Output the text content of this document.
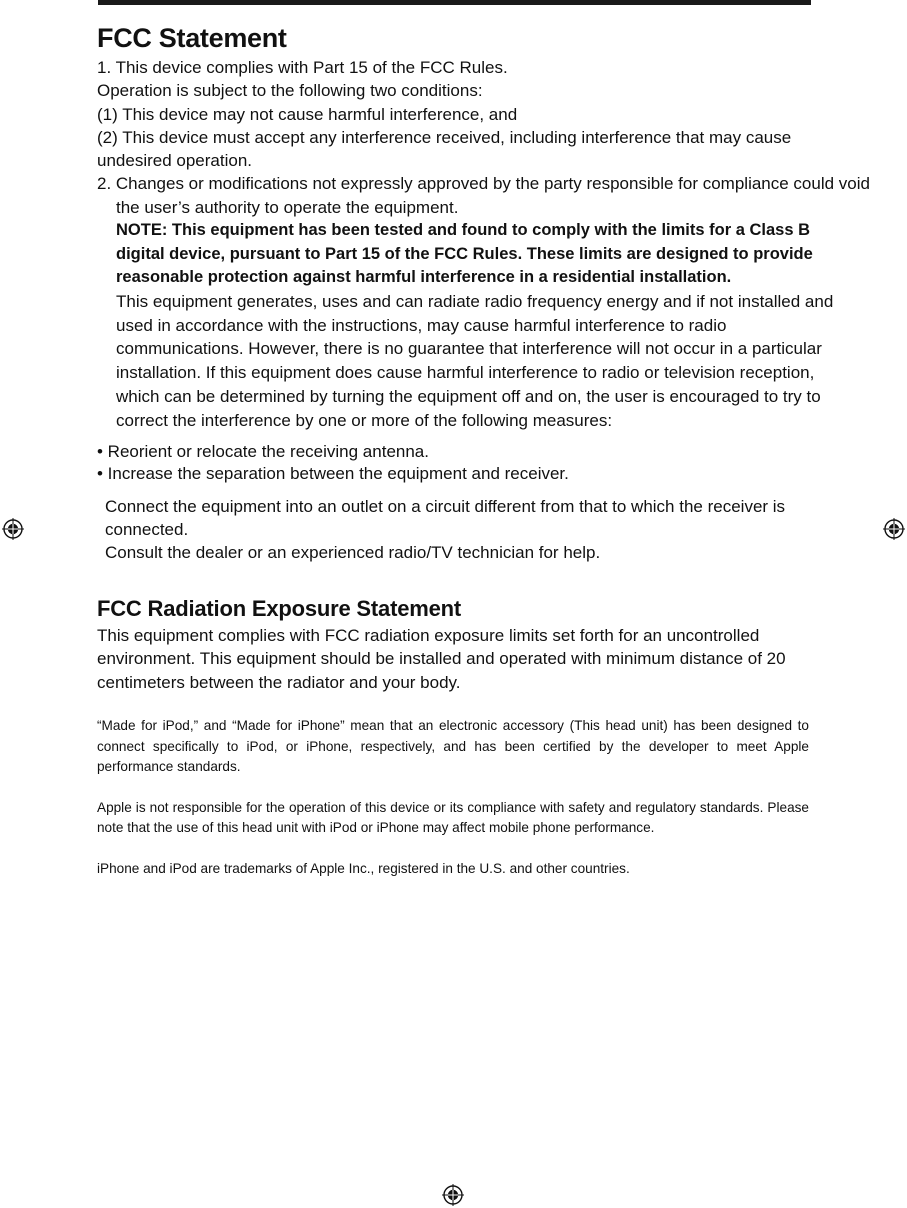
FCC Statement

1. This device complies with Part 15 of the FCC Rules.

Operation is subject to the following two conditions:

(1) This device may not cause harmful interference, and

(2) This device must accept any interference received, including interference that may cause undesired operation.

2. Changes or modifications not expressly approved by the party responsible for compliance could void the user’s authority to operate the equipment.

NOTE: This equipment has been tested and found to comply with the limits for a Class B digital device, pursuant to Part 15 of the FCC Rules. These limits are designed to provide reasonable protection against harmful interference in a residential installation.

This equipment generates, uses and can radiate radio frequency energy and if not installed and used in accordance with the instructions, may cause harmful interference to radio communications. However, there is no guarantee that interference will not occur in a particular installation. If this equipment does cause harmful interference to radio or television reception, which can be determined by turning the equipment off and on, the user is encouraged to try to correct the interference by one or more of the following measures:

• Reorient or relocate the receiving antenna.
• Increase the separation between the equipment and receiver.
Connect the equipment into an outlet on a circuit different from that to which the receiver is connected.
Consult the dealer or an experienced radio/TV technician for help.
FCC Radiation Exposure Statement

This equipment complies with FCC radiation exposure limits set forth for an uncontrolled environment. This equipment should be installed and operated with minimum distance of 20 centimeters between the radiator and your body.

“Made for iPod,” and “Made for iPhone” mean that an electronic accessory (This head unit) has been designed to connect specifically to iPod, or iPhone, respectively, and has been certified by the developer to meet Apple performance standards.

Apple is not responsible for the operation of this device or its compliance with safety and regulatory standards. Please note that the use of this head unit with iPod or iPhone may affect mobile phone performance.

iPhone and iPod are trademarks of Apple Inc., registered in the U.S. and other countries.
